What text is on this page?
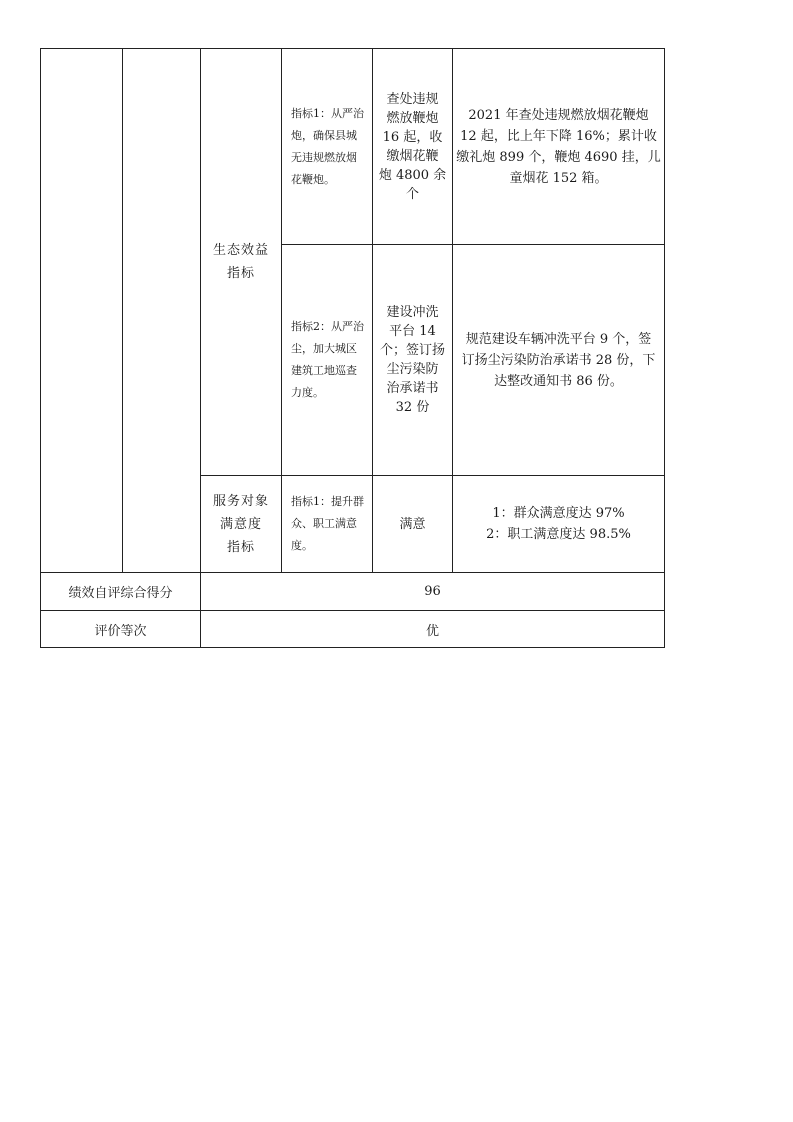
生态效益
指标
服务对象
满意度
指标
指标1：从严治
炮，确保县城
无违规燃放烟
花鞭炮。
查处违规
燃放鞭炮
16 起，收
缴烟花鞭
炮 4800 余
个
2021 年查处违规燃放烟花鞭炮
12 起，比上年下降 16%；累计收
缴礼炮 899 个，鞭炮 4690 挂，儿
童烟花 152 箱。
指标2：从严治
尘，加大城区
建筑工地巡查
力度。
建设冲洗
平台 14
个；签订扬
尘污染防
治承诺书
32 份
规范建设车辆冲洗平台 9 个，签
订扬尘污染防治承诺书 28 份，下
达整改通知书 86 份。
指标1：提升群
众、职工满意
度。
满意
1：群众满意度达 97%
2：职工满意度达 98.5%
绩效自评综合得分	96
评价等次	优
